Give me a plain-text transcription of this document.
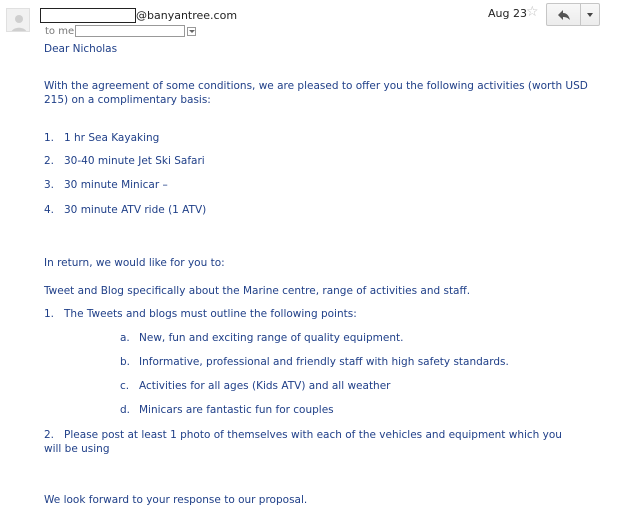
@banyantree.com
to me
Aug 23 ☆
Dear Nicholas
With the agreement of some conditions, we are pleased to offer you the following activities (worth USD 215) on a complimentary basis:
1. 1 hr Sea Kayaking
2. 30-40 minute Jet Ski Safari
3. 30 minute Minicar –
4. 30 minute ATV ride (1 ATV)
In return, we would like for you to:
Tweet and Blog specifically about the Marine centre, range of activities and staff.
1. The Tweets and blogs must outline the following points:
a. New, fun and exciting range of quality equipment.
b. Informative, professional and friendly staff with high safety standards.
c. Activities for all ages (Kids ATV) and all weather
d. Minicars are fantastic fun for couples
2. Please post at least 1 photo of themselves with each of the vehicles and equipment which you will be using
We look forward to your response to our proposal.
